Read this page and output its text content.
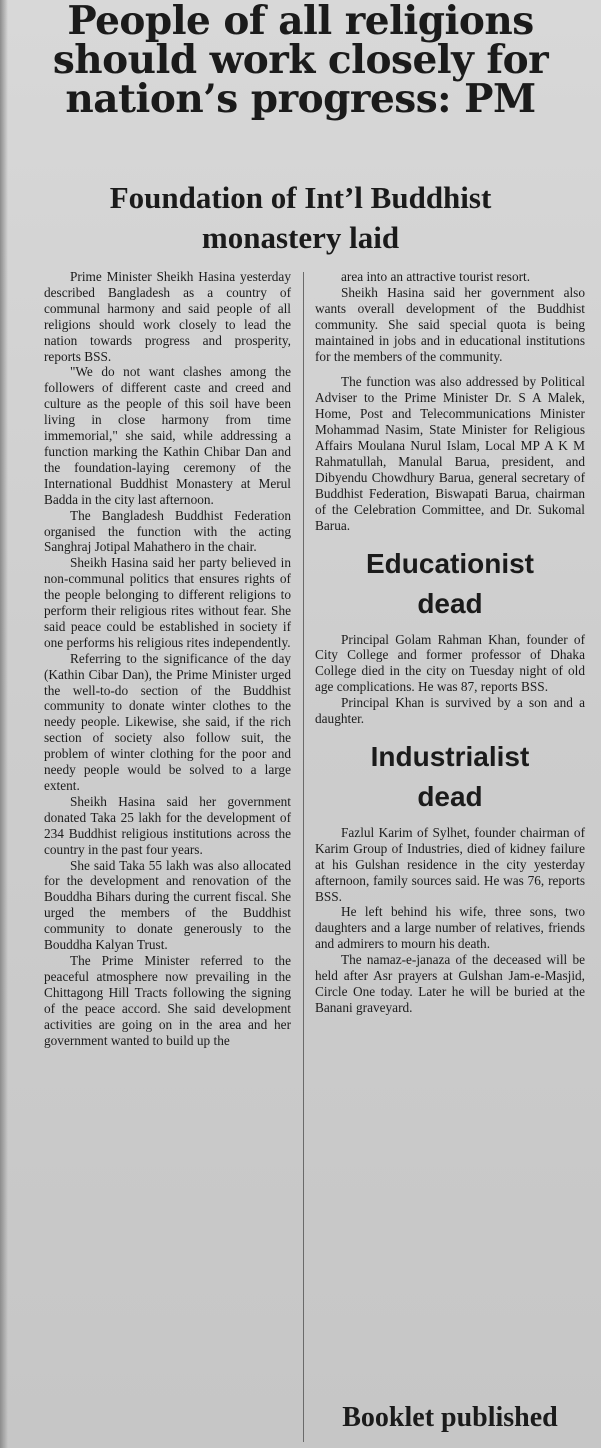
People of all religions
should work closely for
nation’s progress: PM
Foundation of Int’l Buddhist
monastery laid

Prime Minister Sheikh Hasina yesterday described Bangladesh as a country of communal harmony and said people of all religions should work closely to lead the nation towards progress and prosperity, reports BSS.

"We do not want clashes among the followers of different caste and creed and culture as the people of this soil have been living in close harmony from time immemorial," she said, while addressing a function marking the Kathin Chibar Dan and the foundation-laying ceremony of the International Buddhist Monastery at Merul Badda in the city last afternoon.

The Bangladesh Buddhist Federation organised the function with the acting Sanghraj Jotipal Mahathero in the chair.

Sheikh Hasina said her party believed in non-communal politics that ensures rights of the people belonging to different religions to perform their religious rites without fear. She said peace could be established in society if one performs his religious rites independently.

Referring to the significance of the day (Kathin Cibar Dan), the Prime Minister urged the well-to-do section of the Buddhist community to donate winter clothes to the needy people. Likewise, she said, if the rich section of society also follow suit, the problem of winter clothing for the poor and needy people would be solved to a large extent.

Sheikh Hasina said her government donated Taka 25 lakh for the development of 234 Buddhist religious institutions across the country in the past four years.

She said Taka 55 lakh was also allocated for the development and renovation of the Bouddha Bihars during the current fiscal. She urged the members of the Buddhist community to donate generously to the Bouddha Kalyan Trust.

The Prime Minister referred to the peaceful atmosphere now prevailing in the Chittagong Hill Tracts following the signing of the peace accord. She said development activities are going on in the area and her government wanted to build up the

area into an attractive tourist resort.

Sheikh Hasina said her government also wants overall development of the Buddhist community. She said special quota is being maintained in jobs and in educational institutions for the members of the community.

The function was also addressed by Political Adviser to the Prime Minister Dr. S A Malek, Home, Post and Telecommunications Minister Mohammad Nasim, State Minister for Religious Affairs Moulana Nurul Islam, Local MP A K M Rahmatullah, Manulal Barua, president, and Dibyendu Chowdhury Barua, general secretary of Buddhist Federation, Biswapati Barua, chairman of the Celebration Committee, and Dr. Sukomal Barua.

Educationist
dead

Principal Golam Rahman Khan, founder of City College and former professor of Dhaka College died in the city on Tuesday night of old age complications. He was 87, reports BSS.

Principal Khan is survived by a son and a daughter.

Industrialist
dead

Fazlul Karim of Sylhet, founder chairman of Karim Group of Industries, died of kidney failure at his Gulshan residence in the city yesterday afternoon, family sources said. He was 76, reports BSS.

He left behind his wife, three sons, two daughters and a large number of relatives, friends and admirers to mourn his death.

The namaz-e-janaza of the deceased will be held after Asr prayers at Gulshan Jam-e-Masjid, Circle One today. Later he will be buried at the Banani graveyard.

Booklet published
